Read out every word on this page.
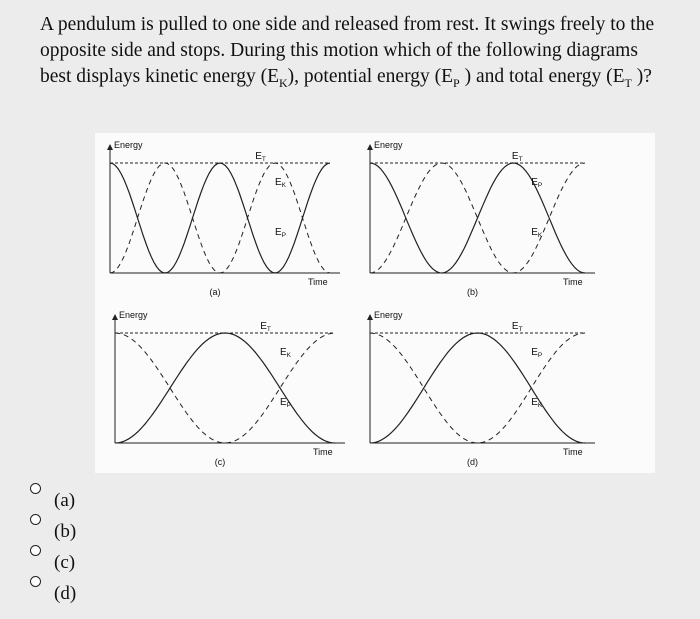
A pendulum is pulled to one side and released from rest. It swings freely to the opposite side and stops. During this motion which of the following diagrams best displays kinetic energy $(E_K)$, potential energy ($E_P$ ) and total energy ($E_T$ )?
Energy
Time
(a)
$E_T$
$E_K$
$E_P$
Energy
Time
(b)
$E_T$
$E_P$
$E_K$
Energy
Time
(c)
$E_T$
$E_K$
$E_P$
Energy
Time
(d)
$E_T$
$E_P$
$E_K$
(a)
(b)
(c)
(d)
